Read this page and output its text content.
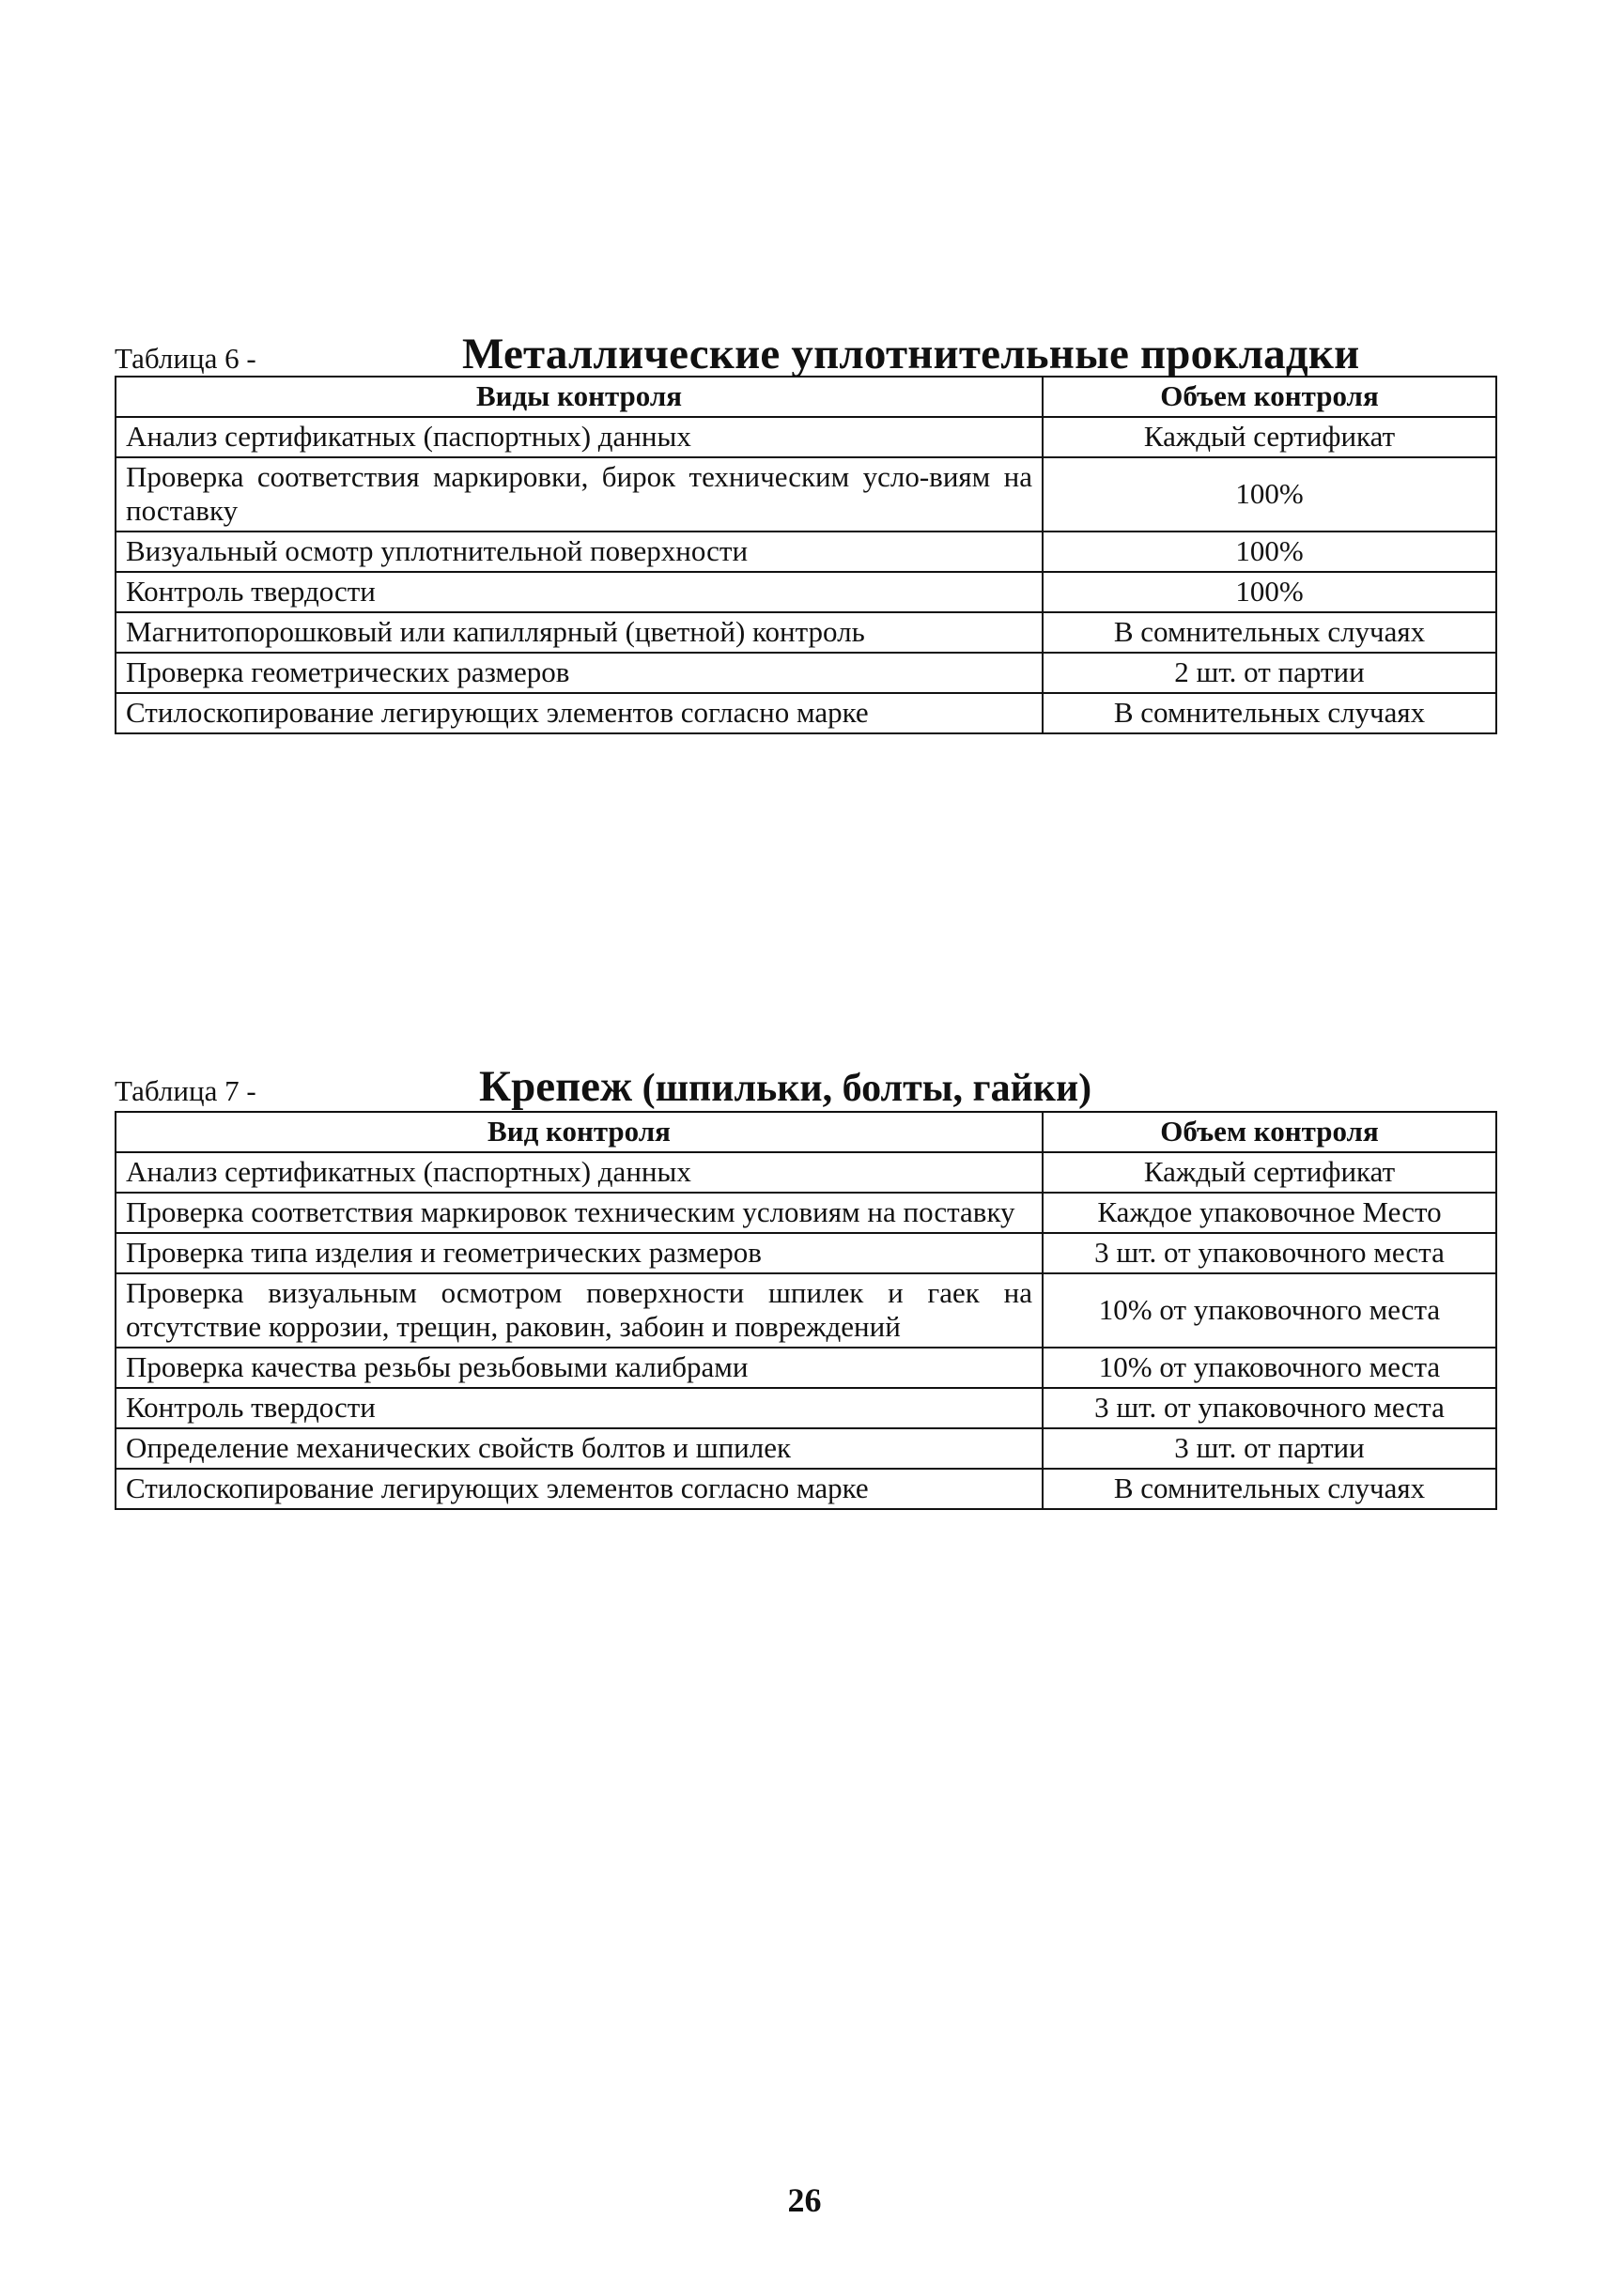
Таблица 6 -	Металлические уплотнительные прокладки
Виды контроля	Объем контроля
Анализ сертификатных (паспортных) данных	Каждый сертификат
Проверка соответствия маркировки, бирок техническим усло-виям на поставку	100%
Визуальный осмотр уплотнительной поверхности	100%
Контроль твердости	100%
Магнитопорошковый или капиллярный (цветной) контроль	В сомнительных случаях
Проверка геометрических размеров	2 шт. от партии
Стилоскопирование легирующих элементов согласно марке	В сомнительных случаях
Таблица 7 -	Крепеж (шпильки, болты, гайки)
Вид контроля	Объем контроля
Анализ сертификатных (паспортных) данных	Каждый сертификат
Проверка соответствия маркировок техническим условиям на поставку	Каждое упаковочное Место
Проверка типа изделия и геометрических размеров	3 шт. от упаковочного места
Проверка визуальным осмотром поверхности шпилек и гаек на отсутствие коррозии, трещин, раковин, забоин и повреждений	10% от упаковочного места
Проверка качества резьбы резьбовыми калибрами	10% от упаковочного места
Контроль твердости	3 шт. от упаковочного места
Определение механических свойств болтов и шпилек	3 шт. от партии
Стилоскопирование легирующих элементов согласно марке	В сомнительных случаях
26
